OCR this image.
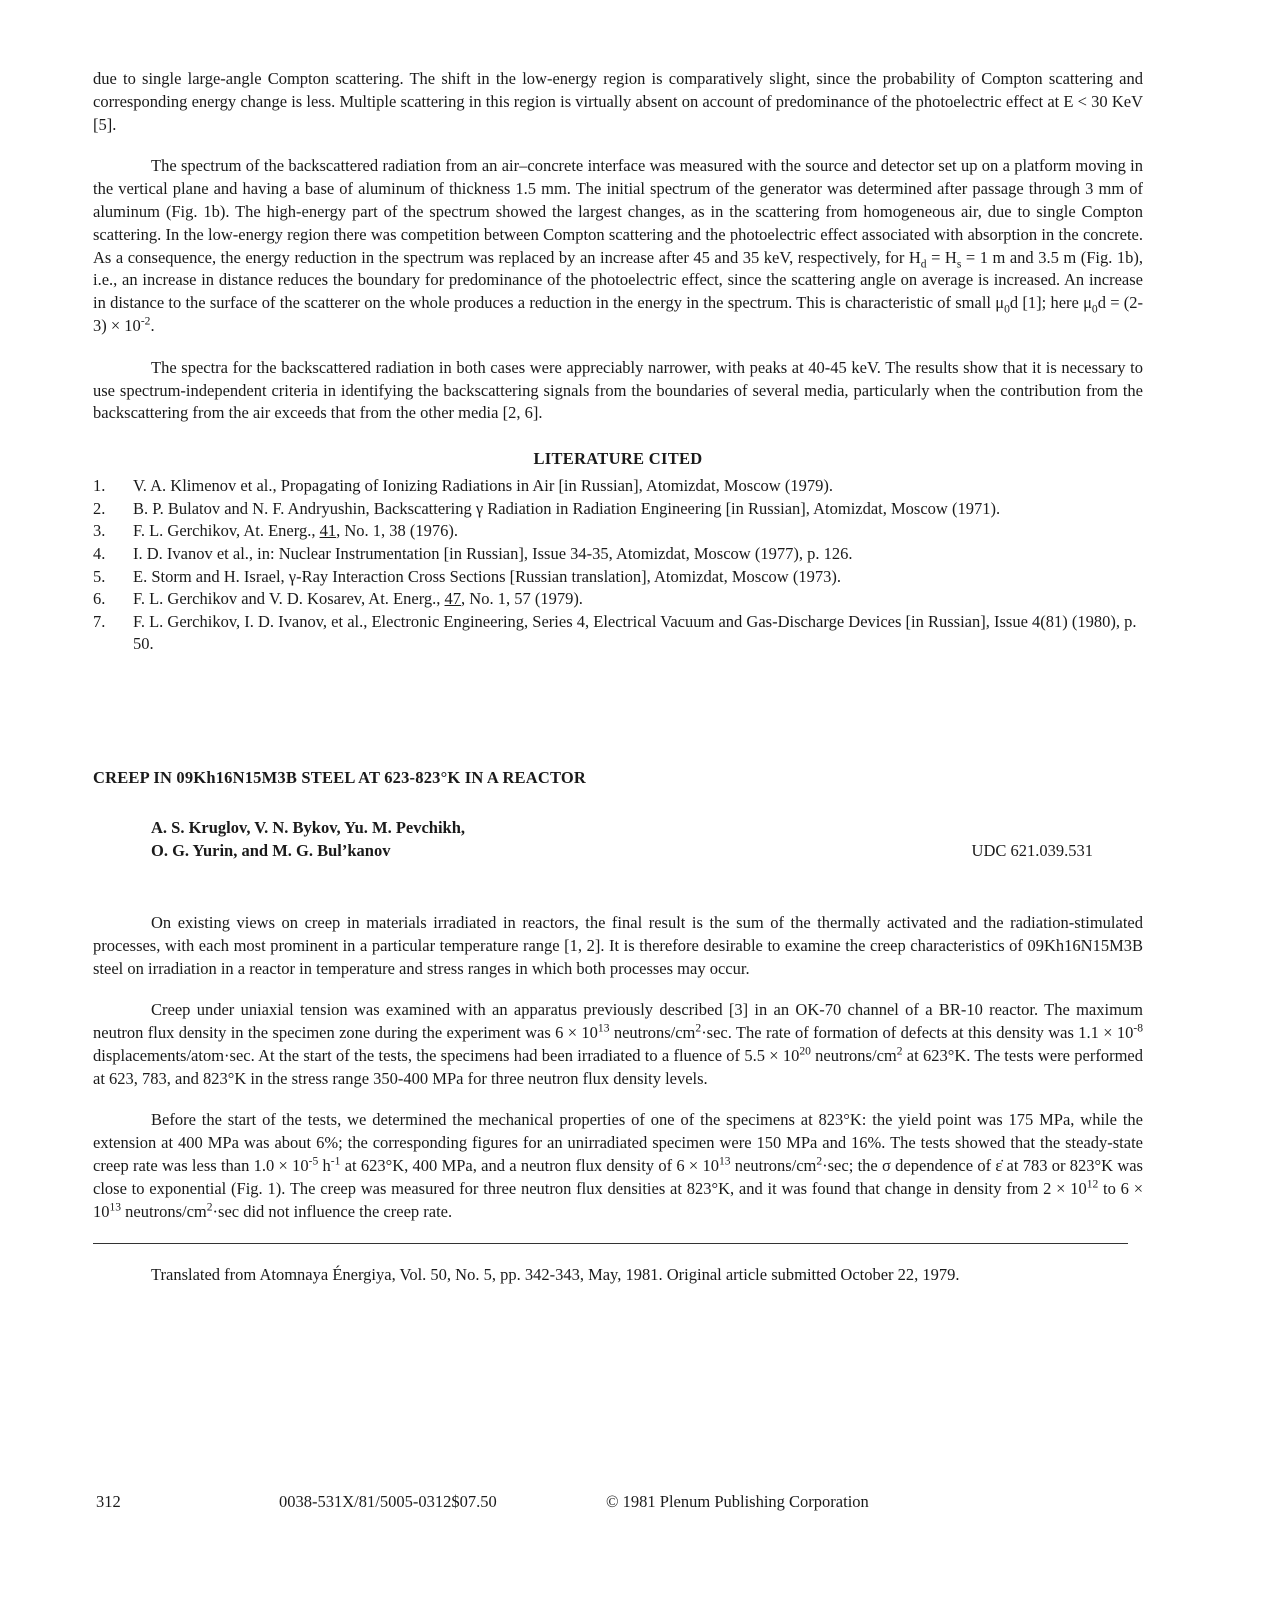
due to single large-angle Compton scattering. The shift in the low-energy region is comparatively slight, since the probability of Compton scattering and corresponding energy change is less. Multiple scattering in this region is virtually absent on account of predominance of the photoelectric effect at E < 30 KeV [5].

The spectrum of the backscattered radiation from an air–concrete interface was measured with the source and detector set up on a platform moving in the vertical plane and having a base of aluminum of thickness 1.5 mm. The initial spectrum of the generator was determined after passage through 3 mm of aluminum (Fig. 1b). The high-energy part of the spectrum showed the largest changes, as in the scattering from homogeneous air, due to single Compton scattering. In the low-energy region there was competition between Compton scattering and the photoelectric effect associated with absorption in the concrete. As a consequence, the energy reduction in the spectrum was replaced by an increase after 45 and 35 keV, respectively, for $H_d = H_s = 1$ m and 3.5 m (Fig. 1b), i.e., an increase in distance reduces the boundary for predominance of the photoelectric effect, since the scattering angle on average is increased. An increase in distance to the surface of the scatterer on the whole produces a reduction in the energy in the spectrum. This is characteristic of small $\mu_0d$ [1]; here $\mu_0d = (2-3) \times 10^{-2}$.

The spectra for the backscattered radiation in both cases were appreciably narrower, with peaks at 40-45 keV. The results show that it is necessary to use spectrum-independent criteria in identifying the backscattering signals from the boundaries of several media, particularly when the contribution from the backscattering from the air exceeds that from the other media [2, 6].

LITERATURE CITED
1. V. A. Klimenov et al., Propagating of Ionizing Radiations in Air [in Russian], Atomizdat, Moscow (1979).
2. B. P. Bulatov and N. F. Andryushin, Backscattering γ Radiation in Radiation Engineering [in Russian], Atomizdat, Moscow (1971).
3. F. L. Gerchikov, At. Energ., 41, No. 1, 38 (1976).
4. I. D. Ivanov et al., in: Nuclear Instrumentation [in Russian], Issue 34-35, Atomizdat, Moscow (1977), p. 126.
5. E. Storm and H. Israel, γ-Ray Interaction Cross Sections [Russian translation], Atomizdat, Moscow (1973).
6. F. L. Gerchikov and V. D. Kosarev, At. Energ., 47, No. 1, 57 (1979).
7. F. L. Gerchikov, I. D. Ivanov, et al., Electronic Engineering, Series 4, Electrical Vacuum and Gas-Discharge Devices [in Russian], Issue 4(81) (1980), p. 50.
CREEP IN 09Kh16N15M3B STEEL AT 623-823°K IN A REACTOR
A. S. Kruglov, V. N. Bykov, Yu. M. Pevchikh,
O. G. Yurin, and M. G. Bul’kanov	UDC 621.039.531

On existing views on creep in materials irradiated in reactors, the final result is the sum of the thermally activated and the radiation-stimulated processes, with each most prominent in a particular temperature range [1, 2]. It is therefore desirable to examine the creep characteristics of 09Kh16N15M3B steel on irradiation in a reactor in temperature and stress ranges in which both processes may occur.

Creep under uniaxial tension was examined with an apparatus previously described [3] in an OK-70 channel of a BR-10 reactor. The maximum neutron flux density in the specimen zone during the experiment was $6 \times 10^{13}$ neutrons/$cm^2\cdot\sec$. The rate of formation of defects at this density was $1.1 \times 10^{-8}$ displacements/atom·sec. At the start of the tests, the specimens had been irradiated to a fluence of $5.5 \times 10^{20}$ neutrons/$cm^2$ at 623°K. The tests were performed at 623, 783, and 823°K in the stress range 350-400 MPa for three neutron flux density levels.

Before the start of the tests, we determined the mechanical properties of one of the specimens at 823°K: the yield point was 175 MPa, while the extension at 400 MPa was about 6%; the corresponding figures for an unirradiated specimen were 150 MPa and 16%. The tests showed that the steady-state creep rate was less than $1.0 \times 10^{-5}$ $h^{-1}$ at 623°K, 400 MPa, and a neutron flux density of $6 \times 10^{13}$ neutrons/$cm^2\cdot\sec$; the σ dependence of ε̇ at 783 or 823°K was close to exponential (Fig. 1). The creep was measured for three neutron flux densities at 823°K, and it was found that change in density from $2 \times 10^{12}$ to $6 \times 10^{13}$ neutrons/$cm^2\cdot\sec$ did not influence the creep rate.

Translated from Atomnaya Énergiya, Vol. 50, No. 5, pp. 342-343, May, 1981. Original article submitted October 22, 1979.

312	0038-531X/81/5005-0312$07.50	© 1981 Plenum Publishing Corporation
